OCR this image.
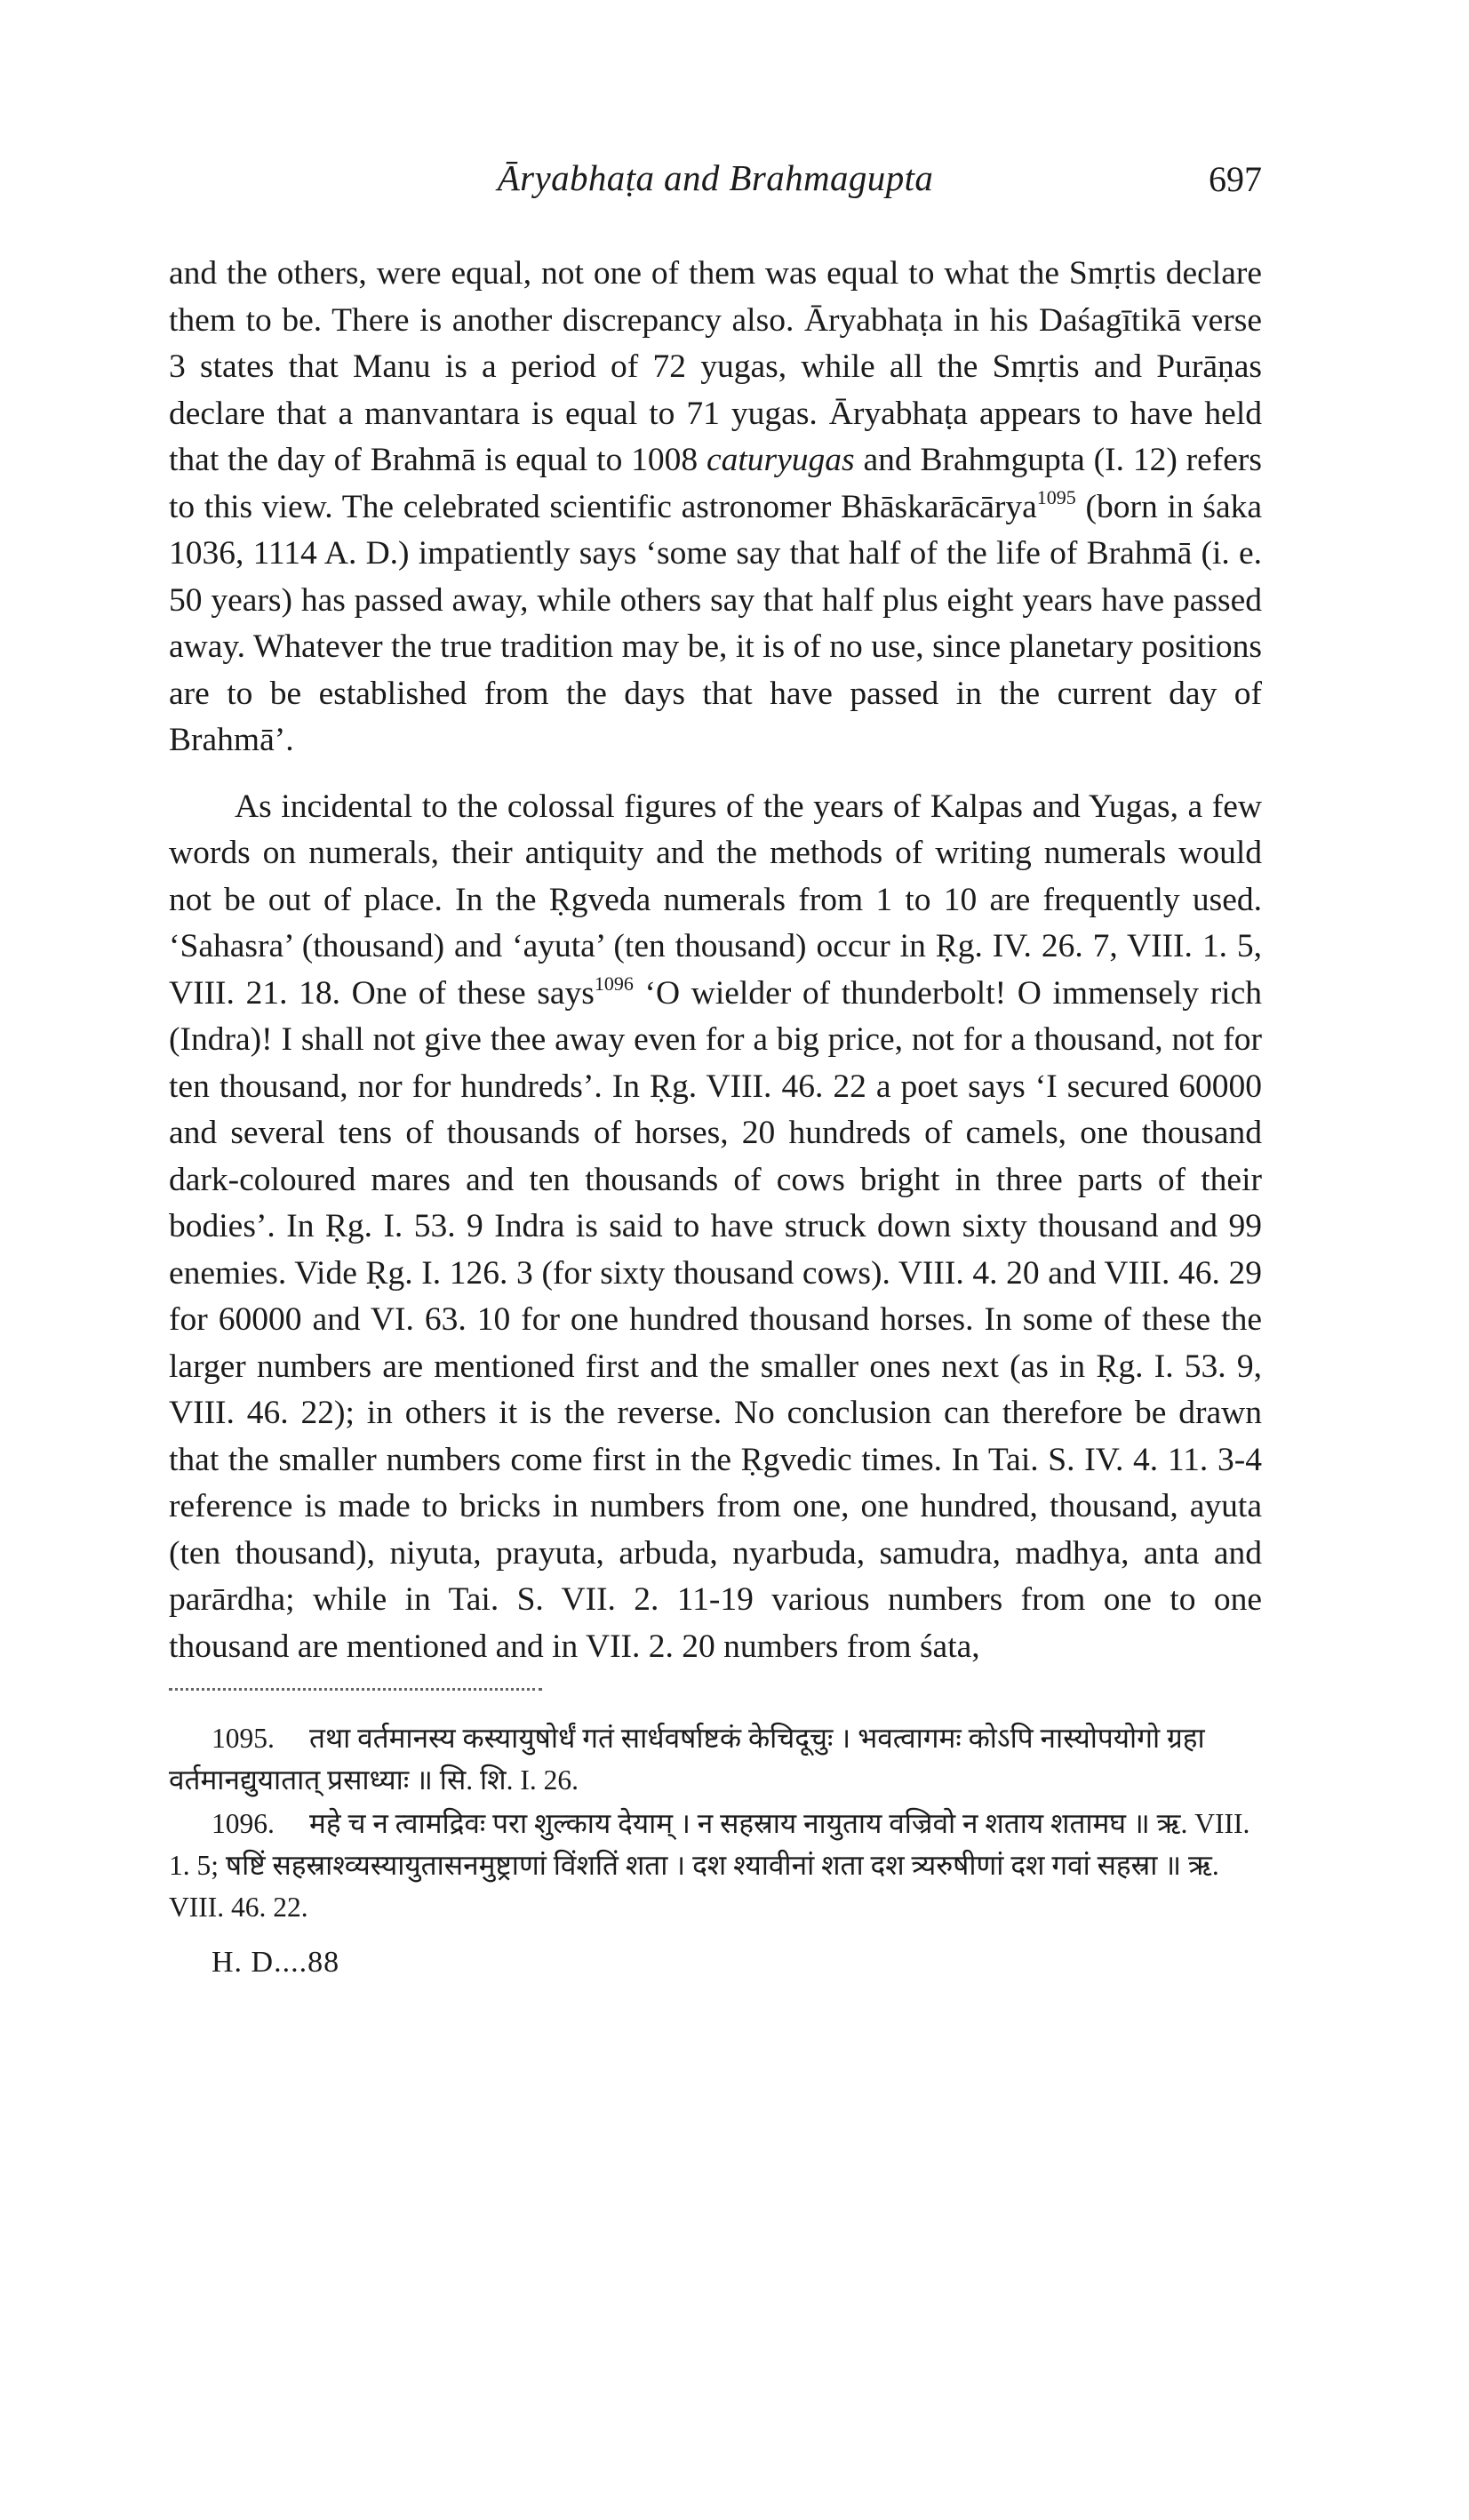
Āryabhaṭa and Brahmagupta	697

and the others, were equal, not one of them was equal to what the Smṛtis declare them to be. There is another discrepancy also. Āryabhaṭa in his Daśagītikā verse 3 states that Manu is a period of 72 yugas, while all the Smṛtis and Purāṇas declare that a manvantara is equal to 71 yugas. Āryabhaṭa appears to have held that the day of Brahmā is equal to 1008 caturyugas and Brahmgupta (I. 12) refers to this view. The celebrated scientific astronomer Bhāskarācārya$^{1095}$ (born in śaka 1036, 1114 A. D.) impatiently says ‘some say that half of the life of Brahmā (i. e. 50 years) has passed away, while others say that half plus eight years have passed away. Whatever the true tradition may be, it is of no use, since planetary positions are to be established from the days that have passed in the current day of Brahmā’.

As incidental to the colossal figures of the years of Kalpas and Yugas, a few words on numerals, their antiquity and the methods of writing numerals would not be out of place. In the Ṛgveda numerals from 1 to 10 are frequently used. ‘Sahasra’ (thousand) and ‘ayuta’ (ten thousand) occur in Ṛg. IV. 26. 7, VIII. 1. 5, VIII. 21. 18. One of these says$^{1096}$ ‘O wielder of thunderbolt! O immensely rich (Indra)! I shall not give thee away even for a big price, not for a thousand, not for ten thousand, nor for hundreds’. In Ṛg. VIII. 46. 22 a poet says ‘I secured 60000 and several tens of thousands of horses, 20 hundreds of camels, one thousand dark-coloured mares and ten thousands of cows bright in three parts of their bodies’. In Ṛg. I. 53. 9 Indra is said to have struck down sixty thousand and 99 enemies. Vide Ṛg. I. 126. 3 (for sixty thousand cows). VIII. 4. 20 and VIII. 46. 29 for 60000 and VI. 63. 10 for one hundred thousand horses. In some of these the larger numbers are mentioned first and the smaller ones next (as in Ṛg. I. 53. 9, VIII. 46. 22); in others it is the reverse. No conclusion can therefore be drawn that the smaller numbers come first in the Ṛgvedic times. In Tai. S. IV. 4. 11. 3-4 reference is made to bricks in numbers from one, one hundred, thousand, ayuta (ten thousand), niyuta, prayuta, arbuda, nyarbuda, samudra, madhya, anta and parārdha; while in Tai. S. VII. 2. 11-19 various numbers from one to one thousand are mentioned and in VII. 2. 20 numbers from śata,

1095. तथा वर्तमानस्य कस्यायुषोर्धं गतं सार्धवर्षाष्टकं केचिदूचुः । भवत्वागमः कोऽपि नास्योपयोगो ग्रहा वर्तमानद्युयातात् प्रसाध्याः ॥ सि. शि. I. 26.

1096. महे च न त्वामद्रिवः परा शुल्काय देयाम् । न सहस्राय नायुताय वज्रिवो न शताय शतामघ ॥ ऋ. VIII. 1. 5; षष्टिं सहस्राश्व्यस्यायुतासनमुष्ट्राणां विंशतिं शता । दश श्यावीनां शता दश त्र्यरुषीणां दश गवां सहस्रा ॥ ऋ. VIII. 46. 22.

H. D....88
